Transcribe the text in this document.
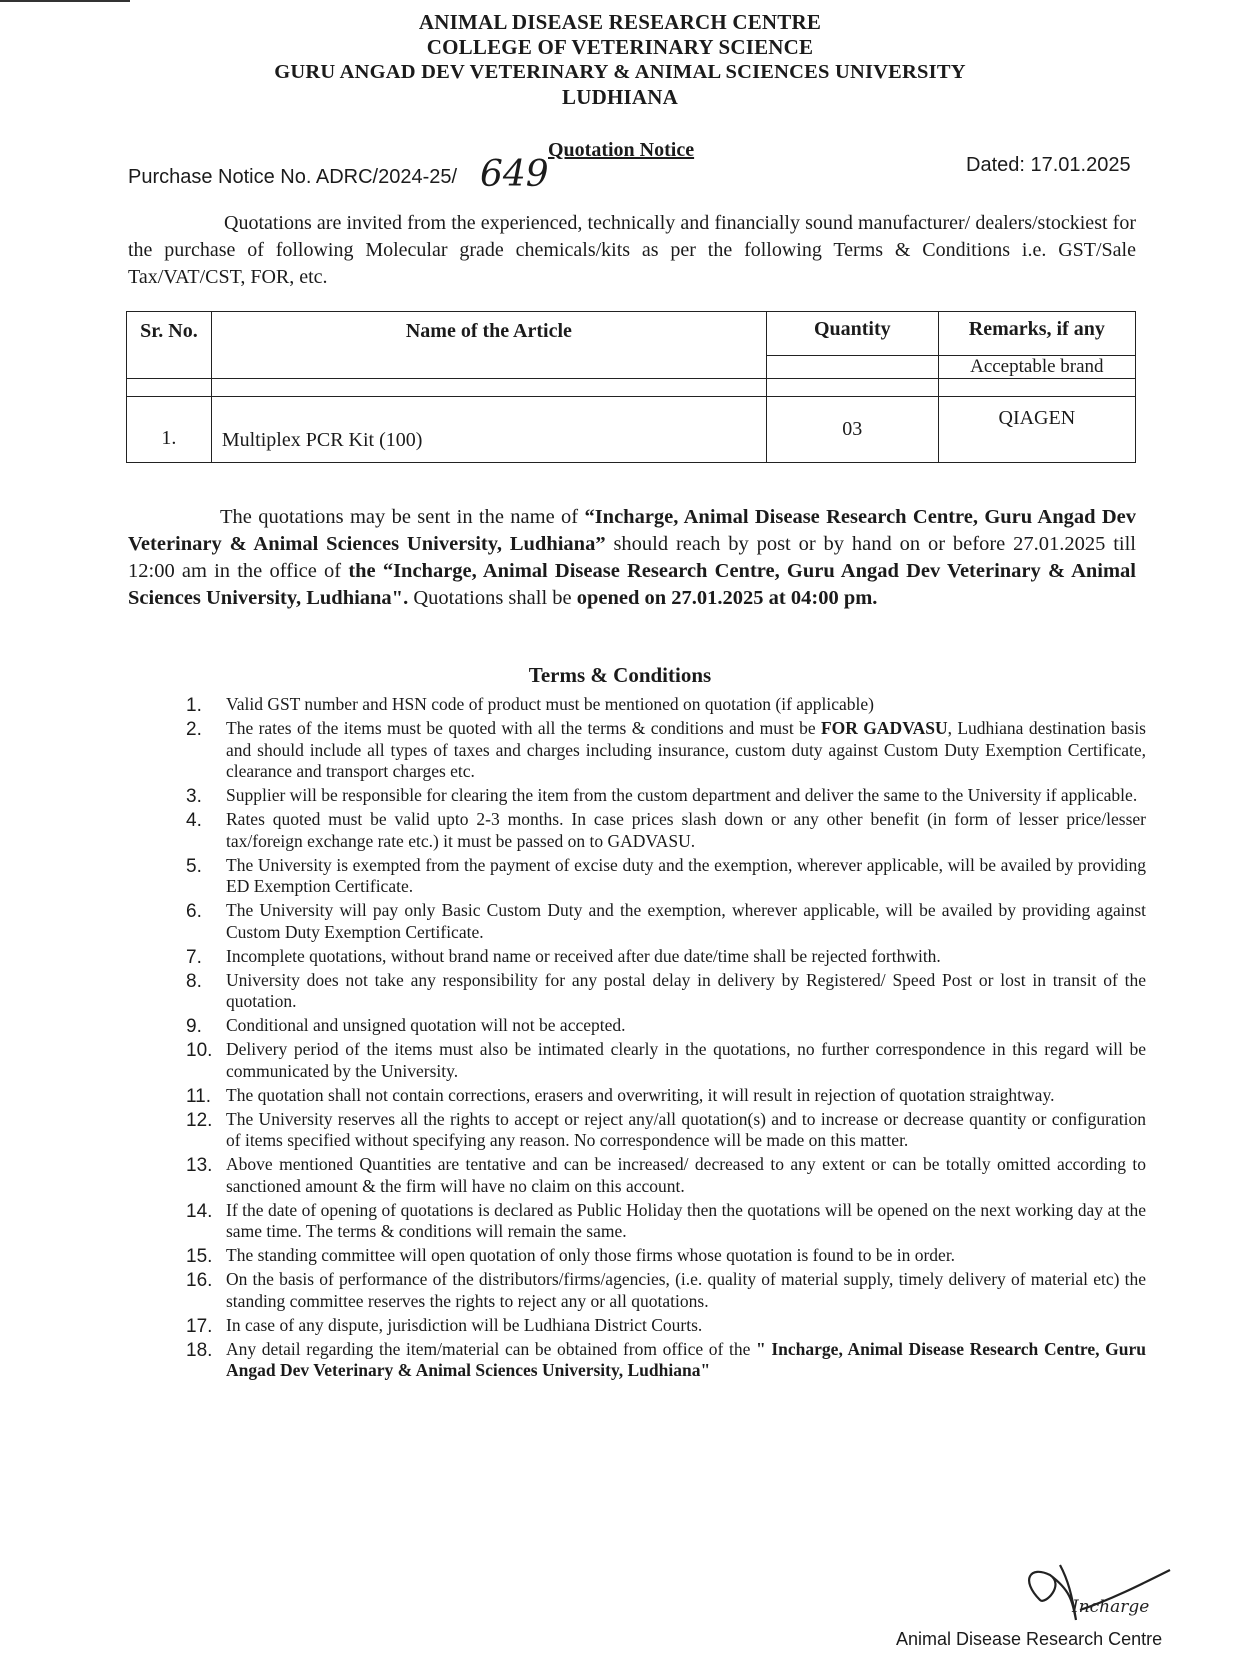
ANIMAL DISEASE RESEARCH CENTRE
COLLEGE OF VETERINARY SCIENCE
GURU ANGAD DEV VETERINARY & ANIMAL SCIENCES UNIVERSITY
LUDHIANA
Quotation Notice
Purchase Notice No. ADRC/2024-25/ 649	Dated: 17.01.2025
Quotations are invited from the experienced, technically and financially sound manufacturer/ dealers/stockiest for the purchase of following Molecular grade chemicals/kits as per the following Terms & Conditions i.e. GST/Sale Tax/VAT/CST, FOR, etc.
Sr. No.	Name of the Article	Quantity	Remarks, if any
			Acceptable brand

1.	Multiplex PCR Kit (100)	03	QIAGEN
The quotations may be sent in the name of “Incharge, Animal Disease Research Centre, Guru Angad Dev Veterinary & Animal Sciences University, Ludhiana” should reach by post or by hand on or before 27.01.2025 till 12:00 am in the office of the “Incharge, Animal Disease Research Centre, Guru Angad Dev Veterinary & Animal Sciences University, Ludhiana". Quotations shall be opened on 27.01.2025 at 04:00 pm.
Terms & Conditions
1. Valid GST number and HSN code of product must be mentioned on quotation (if applicable)
2. The rates of the items must be quoted with all the terms & conditions and must be FOR GADVASU, Ludhiana destination basis and should include all types of taxes and charges including insurance, custom duty against Custom Duty Exemption Certificate, clearance and transport charges etc.
3. Supplier will be responsible for clearing the item from the custom department and deliver the same to the University if applicable.
4. Rates quoted must be valid upto 2-3 months. In case prices slash down or any other benefit (in form of lesser price/lesser tax/foreign exchange rate etc.) it must be passed on to GADVASU.
5. The University is exempted from the payment of excise duty and the exemption, wherever applicable, will be availed by providing ED Exemption Certificate.
6. The University will pay only Basic Custom Duty and the exemption, wherever applicable, will be availed by providing against Custom Duty Exemption Certificate.
7. Incomplete quotations, without brand name or received after due date/time shall be rejected forthwith.
8. University does not take any responsibility for any postal delay in delivery by Registered/ Speed Post or lost in transit of the quotation.
9. Conditional and unsigned quotation will not be accepted.
10. Delivery period of the items must also be intimated clearly in the quotations, no further correspondence in this regard will be communicated by the University.
11. The quotation shall not contain corrections, erasers and overwriting, it will result in rejection of quotation straightway.
12. The University reserves all the rights to accept or reject any/all quotation(s) and to increase or decrease quantity or configuration of items specified without specifying any reason. No correspondence will be made on this matter.
13. Above mentioned Quantities are tentative and can be increased/ decreased to any extent or can be totally omitted according to sanctioned amount & the firm will have no claim on this account.
14. If the date of opening of quotations is declared as Public Holiday then the quotations will be opened on the next working day at the same time. The terms & conditions will remain the same.
15. The standing committee will open quotation of only those firms whose quotation is found to be in order.
16. On the basis of performance of the distributors/firms/agencies, (i.e. quality of material supply, timely delivery of material etc) the standing committee reserves the rights to reject any or all quotations.
17. In case of any dispute, jurisdiction will be Ludhiana District Courts.
18. Any detail regarding the item/material can be obtained from office of the " Incharge, Animal Disease Research Centre, Guru Angad Dev Veterinary & Animal Sciences University, Ludhiana"
Incharge
Animal Disease Research Centre
